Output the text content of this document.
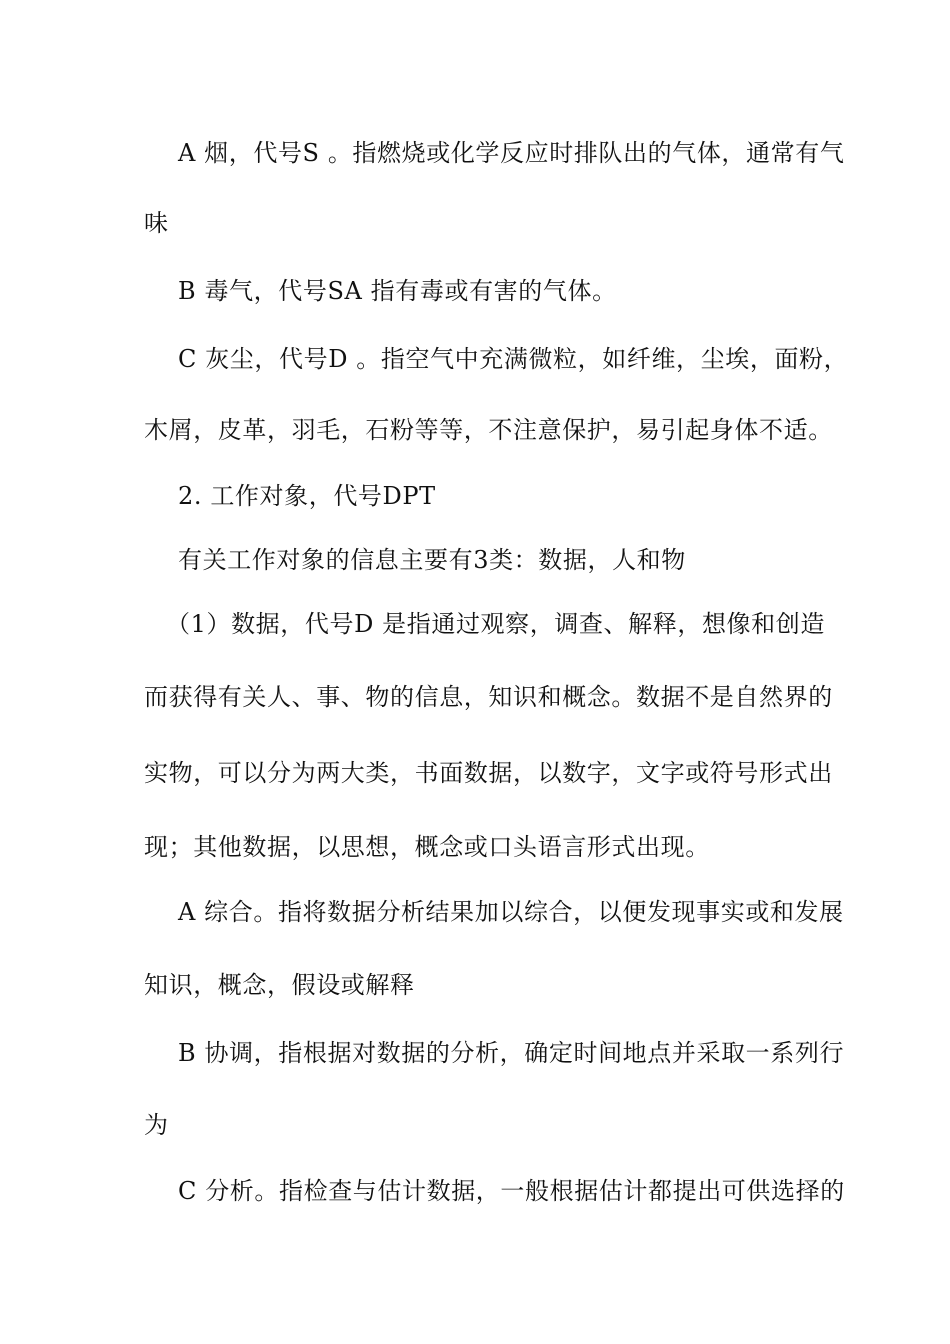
A 烟，代号S 。指燃烧或化学反应时排队出的气体，通常有气
味
B 毒气，代号SA 指有毒或有害的气体。
C 灰尘，代号D 。指空气中充满微粒，如纤维，尘埃，面粉，
木屑，皮革，羽毛，石粉等等，不注意保护，易引起身体不适。
2. 工作对象，代号DPT
有关工作对象的信息主要有3类：数据，人和物
（1）数据，代号D 是指通过观察，调查、解释，想像和创造
而获得有关人、事、物的信息，知识和概念。数据不是自然界的
实物，可以分为两大类，书面数据，以数字，文字或符号形式出
现；其他数据，以思想，概念或口头语言形式出现。
A 综合。指将数据分析结果加以综合，以便发现事实或和发展
知识，概念，假设或解释
B 协调，指根据对数据的分析，确定时间地点并采取一系列行
为
C 分析。指检查与估计数据，一般根据估计都提出可供选择的
